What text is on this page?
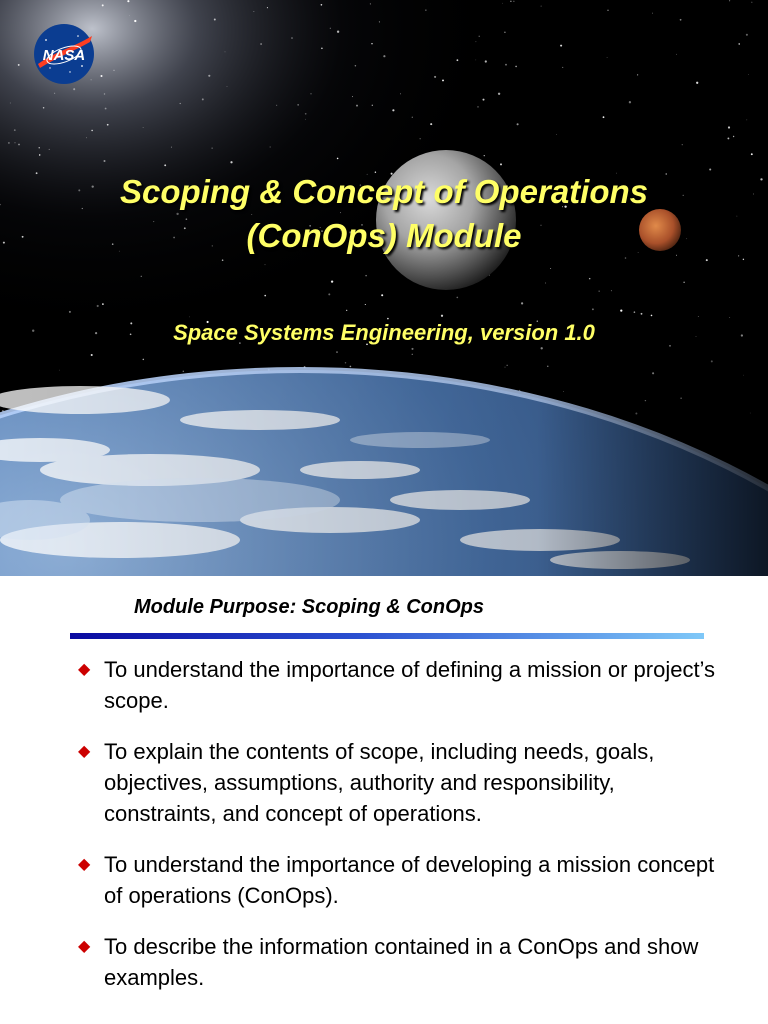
NASA
Scoping & Concept of Operations
(ConOps) Module
Space Systems Engineering, version 1.0
Module Purpose: Scoping & ConOps
◆ To understand the importance of defining a mission or project’s scope.
◆ To explain the contents of scope, including needs, goals, objectives, assumptions, authority and responsibility, constraints, and concept of operations.
◆ To understand the importance of developing a mission concept of operations (ConOps).
◆ To describe the information contained in a ConOps and show examples.
